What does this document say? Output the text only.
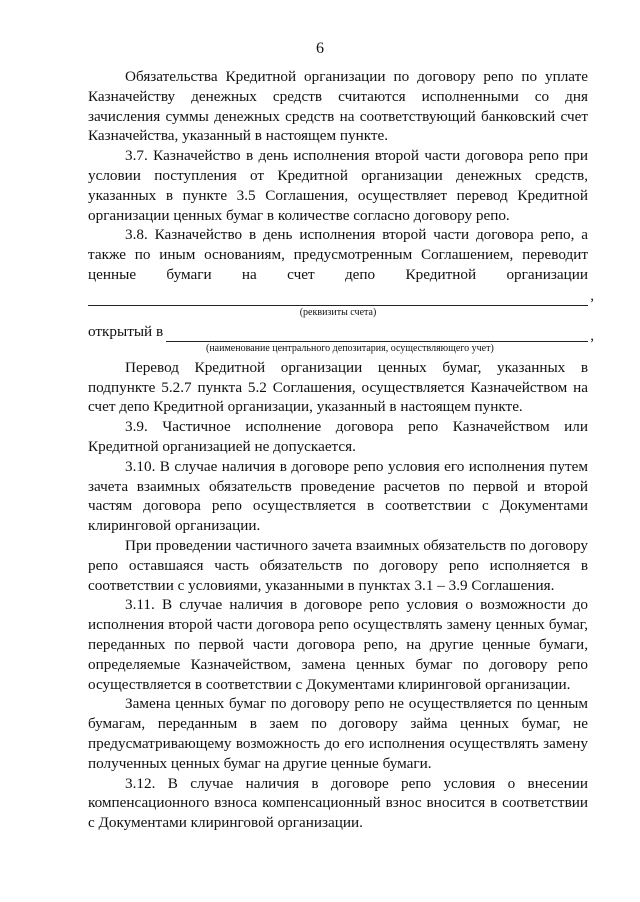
6

Обязательства Кредитной организации по договору репо по уплате Казначейству денежных средств считаются исполненными со дня зачисления суммы денежных средств на соответствующий банковский счет Казначейства, указанный в настоящем пункте.

3.7. Казначейство в день исполнения второй части договора репо при условии поступления от Кредитной организации денежных средств, указанных в пункте 3.5 Соглашения, осуществляет перевод Кредитной организации ценных бумаг в количестве согласно договору репо.

3.8. Казначейство в день исполнения второй части договора репо, а также по иным основаниям, предусмотренным Соглашением, переводит ценные бумаги на счет депо Кредитной организации

,
(реквизиты счета)
открытый в	,
(наименование центрального депозитария, осуществляющего учет)

Перевод Кредитной организации ценных бумаг, указанных в подпункте 5.2.7 пункта 5.2 Соглашения, осуществляется Казначейством на счет депо Кредитной организации, указанный в настоящем пункте.

3.9. Частичное исполнение договора репо Казначейством или Кредитной организацией не допускается.

3.10. В случае наличия в договоре репо условия его исполнения путем зачета взаимных обязательств проведение расчетов по первой и второй частям договора репо осуществляется в соответствии с Документами клиринговой организации.

При проведении частичного зачета взаимных обязательств по договору репо оставшаяся часть обязательств по договору репо исполняется в соответствии с условиями, указанными в пунктах 3.1 – 3.9 Соглашения.

3.11. В случае наличия в договоре репо условия о возможности до исполнения второй части договора репо осуществлять замену ценных бумаг, переданных по первой части договора репо, на другие ценные бумаги, определяемые Казначейством, замена ценных бумаг по договору репо осуществляется в соответствии с Документами клиринговой организации.

Замена ценных бумаг по договору репо не осуществляется по ценным бумагам, переданным в заем по договору займа ценных бумаг, не предусматривающему возможность до его исполнения осуществлять замену полученных ценных бумаг на другие ценные бумаги.

3.12. В случае наличия в договоре репо условия о внесении компенсационного взноса компенсационный взнос вносится в соответствии с Документами клиринговой организации.
